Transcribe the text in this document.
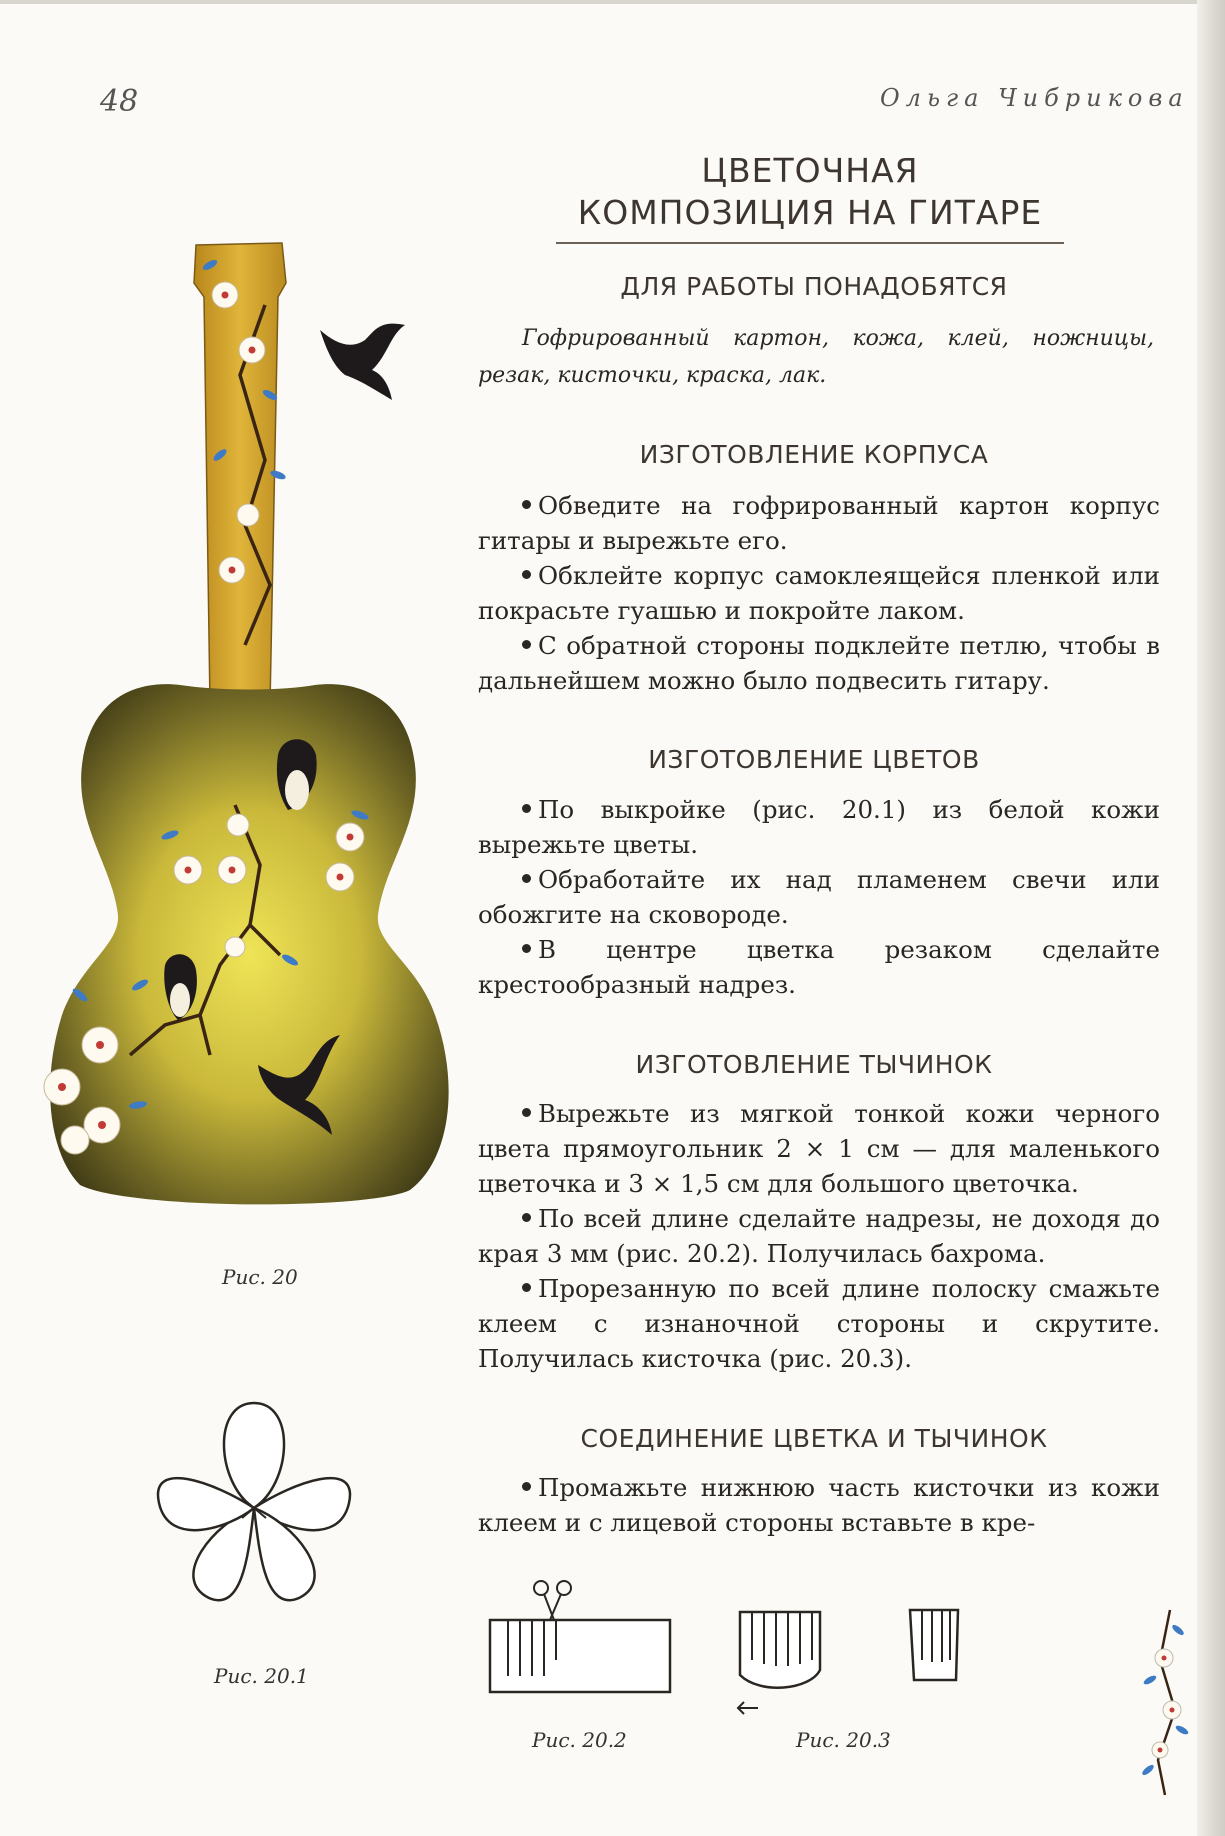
48	Ольга Чибрикова
ЦВЕТОЧНАЯ
КОМПОЗИЦИЯ НА ГИТАРЕ
ДЛЯ РАБОТЫ ПОНАДОБЯТСЯ
Гофрированный картон, кожа, клей, ножницы, резак, кисточки, краска, лак.
ИЗГОТОВЛЕНИЕ КОРПУСА

Обведите на гофрированный картон корпус гитары и вырежьте его.

Обклейте корпус самоклеящейся пленкой или покрасьте гуашью и покройте лаком.

С обратной стороны подклейте петлю, чтобы в дальнейшем можно было подвесить гитару.

ИЗГОТОВЛЕНИЕ ЦВЕТОВ

По выкройке (рис. 20.1) из белой кожи вырежьте цветы.

Обработайте их над пламенем свечи или обожгите на сковороде.

В центре цветка резаком сделайте крестообразный надрез.

ИЗГОТОВЛЕНИЕ ТЫЧИНОК

Вырежьте из мягкой тонкой кожи черного цвета прямоугольник 2 × 1 см — для маленького цветочка и 3 × 1,5 см для большого цветочка.

По всей длине сделайте надрезы, не доходя до края 3 мм (рис. 20.2). Получилась бахрома.

Прорезанную по всей длине полоску смажьте клеем с изнаночной стороны и скрутите. Получилась кисточка (рис. 20.3).

СОЕДИНЕНИЕ ЦВЕТКА И ТЫЧИНОК

Промажьте нижнюю часть кисточки из кожи клеем и с лицевой стороны вставьте в кре-

Рис. 20
Рис. 20.1
Рис. 20.2	Рис. 20.3
